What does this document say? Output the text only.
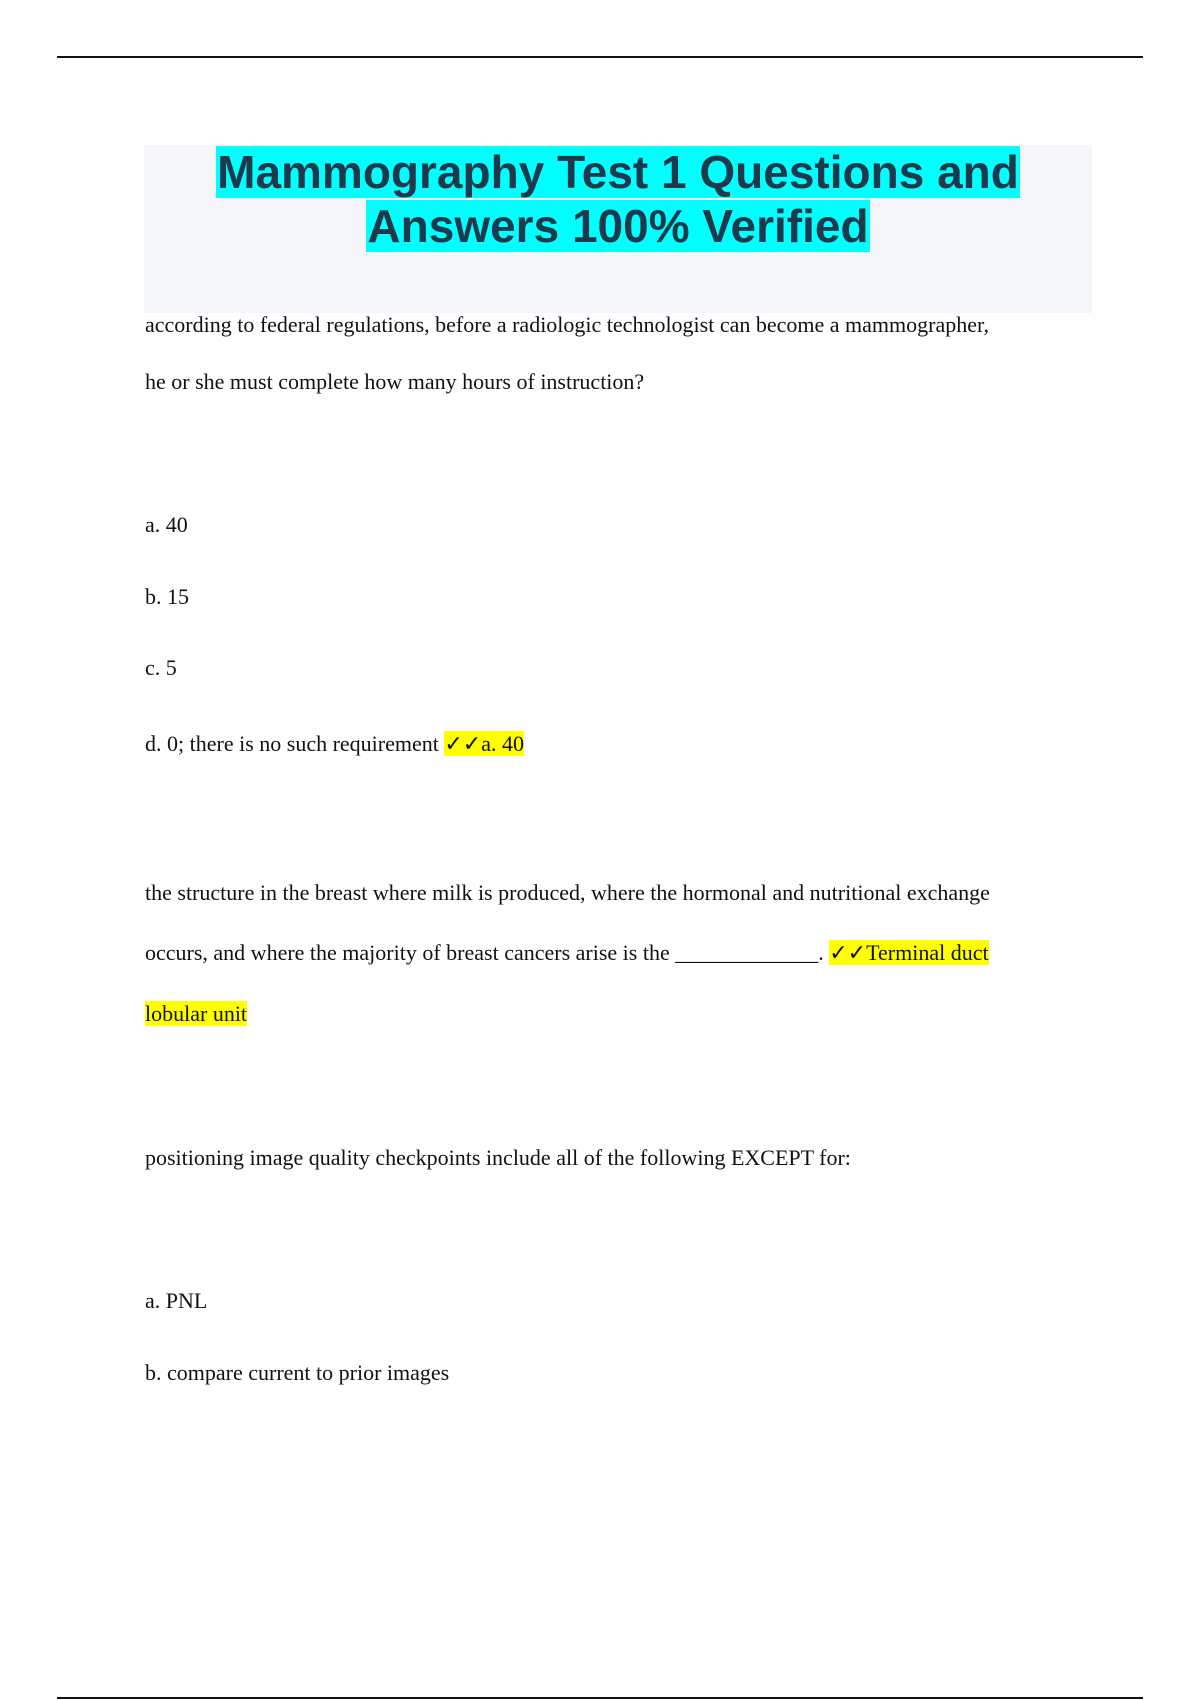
Mammography Test 1 Questions and
Answers 100% Verified
according to federal regulations, before a radiologic technologist can become a mammographer,
he or she must complete how many hours of instruction?
a. 40
b. 15
c. 5
d. 0; there is no such requirement ✓✓a. 40
the structure in the breast where milk is produced, where the hormonal and nutritional exchange
occurs, and where the majority of breast cancers arise is the _____________. ✓✓Terminal duct
lobular unit
positioning image quality checkpoints include all of the following EXCEPT for:
a. PNL
b. compare current to prior images
